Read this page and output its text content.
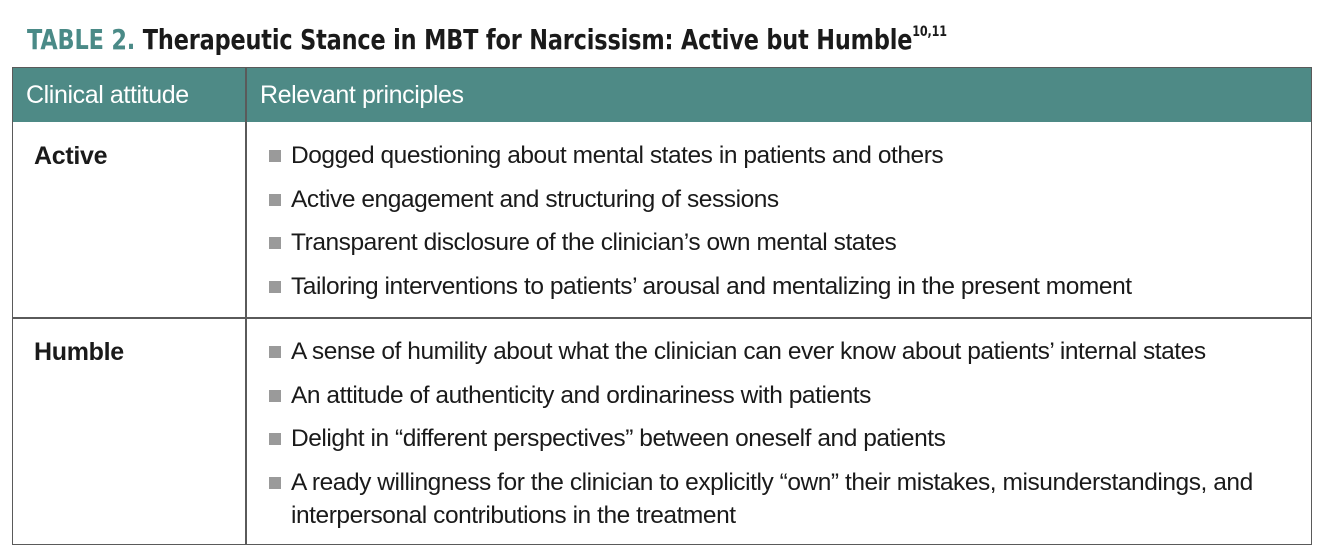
TABLE 2. Therapeutic Stance in MBT for Narcissism: Active but Humble$^{10,11}$
Clinical attitude	Relevant principles
Active	Dogged questioning about mental states in patients and others
Active engagement and structuring of sessions
Transparent disclosure of the clinician’s own mental states
Tailoring interventions to patients’ arousal and mentalizing in the present moment
Humble	A sense of humility about what the clinician can ever know about patients’ internal states
An attitude of authenticity and ordinariness with patients
Delight in “different perspectives” between oneself and patients
A ready willingness for the clinician to explicitly “own” their mistakes, misunderstandings, and interpersonal contributions in the treatment
